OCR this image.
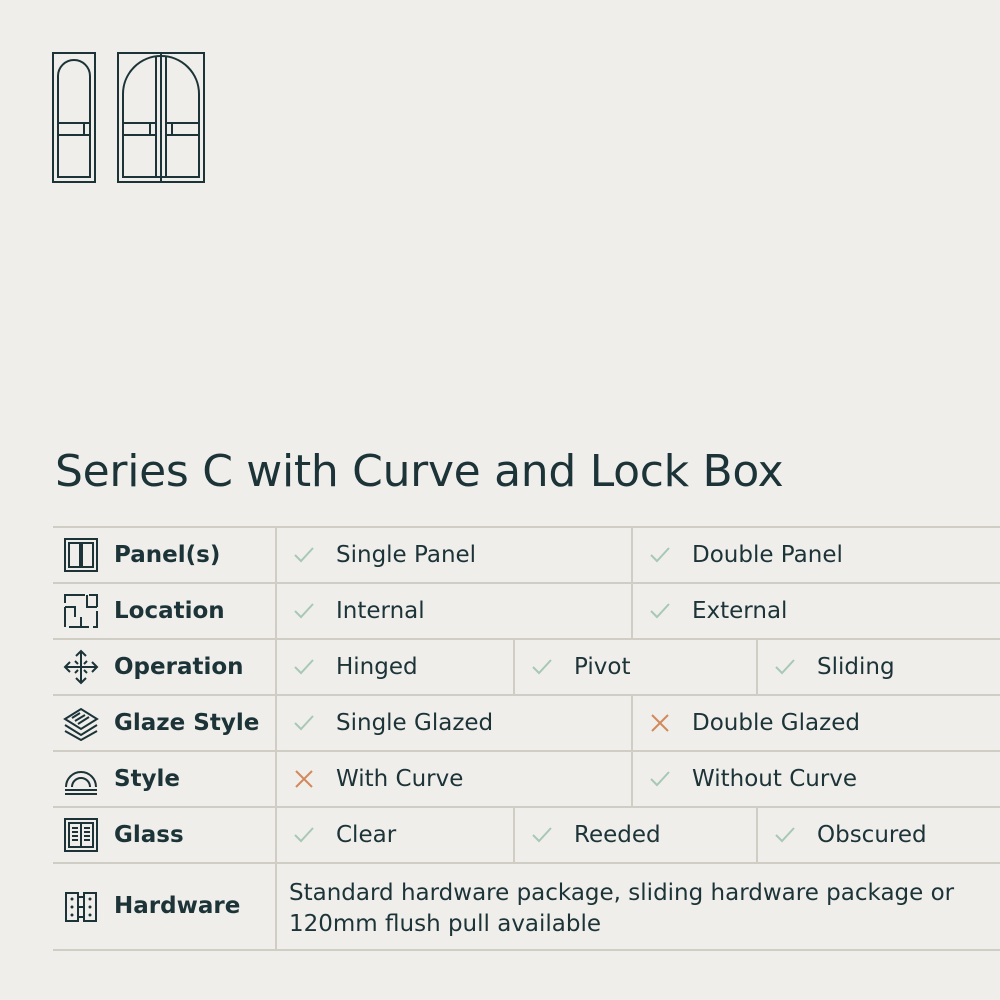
Series C with Curve and Lock Box
Panel(s)	Single Panel	Double Panel
Location	Internal	External
Operation	Hinged	Pivot	Sliding
Glaze Style	Single Glazed	Double Glazed
Style	With Curve	Without Curve
Glass	Clear	Reeded	Obscured
Hardware Standard hardware package, sliding hardware package or 120mm flush pull available
